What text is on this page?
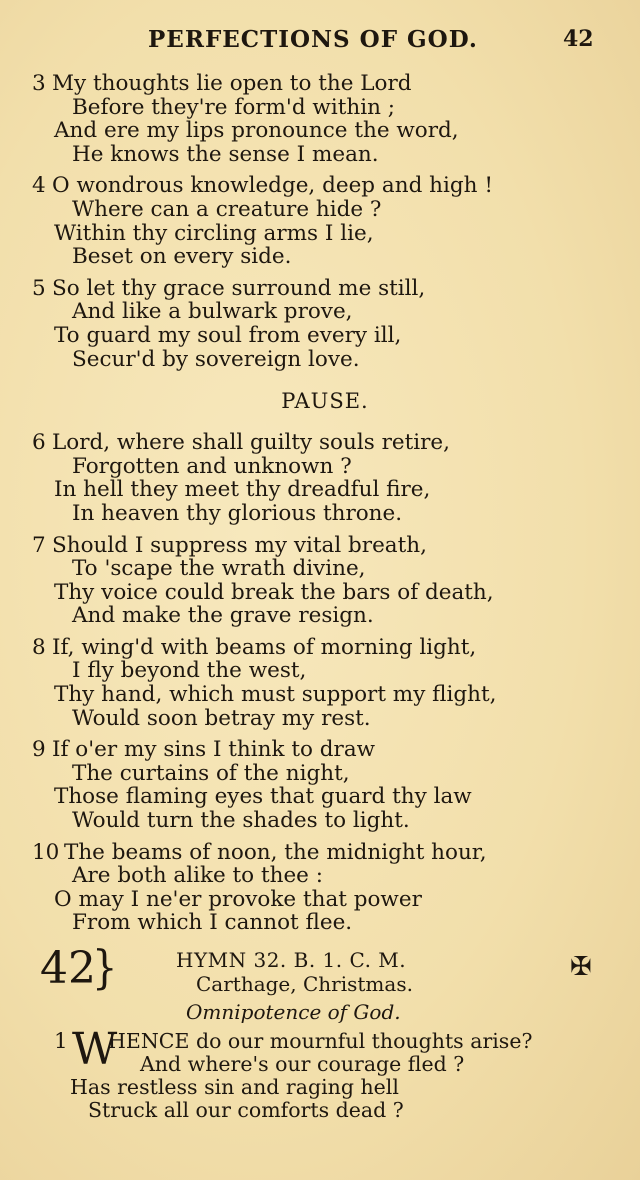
PERFECTIONS OF GOD.	42
3 My thoughts lie open to the Lord
Before they're form'd within ;
And ere my lips pronounce the word,
He knows the sense I mean.
4 O wondrous knowledge, deep and high !
Where can a creature hide ?
Within thy circling arms I lie,
Beset on every side.
5 So let thy grace surround me still,
And like a bulwark prove,
To guard my soul from every ill,
Secur'd by sovereign love.
PAUSE.
6 Lord, where shall guilty souls retire,
Forgotten and unknown ?
In hell they meet thy dreadful fire,
In heaven thy glorious throne.
7 Should I suppress my vital breath,
To 'scape the wrath divine,
Thy voice could break the bars of death,
And make the grave resign.
8 If, wing'd with beams of morning light,
I fly beyond the west,
Thy hand, which must support my flight,
Would soon betray my rest.
9 If o'er my sins I think to draw
The curtains of the night,
Those flaming eyes that guard thy law
Would turn the shades to light.
10 The beams of noon, the midnight hour,
Are both alike to thee :
O may I ne'er provoke that power
From which I cannot flee.
42
}	HYMN 32. B. 1. C. M.
Carthage, Christmas.
✠
Omnipotence of God.
1 W
HENCE do our mournful thoughts arise?
And where's our courage fled ?
Has restless sin and raging hell
Struck all our comforts dead ?
